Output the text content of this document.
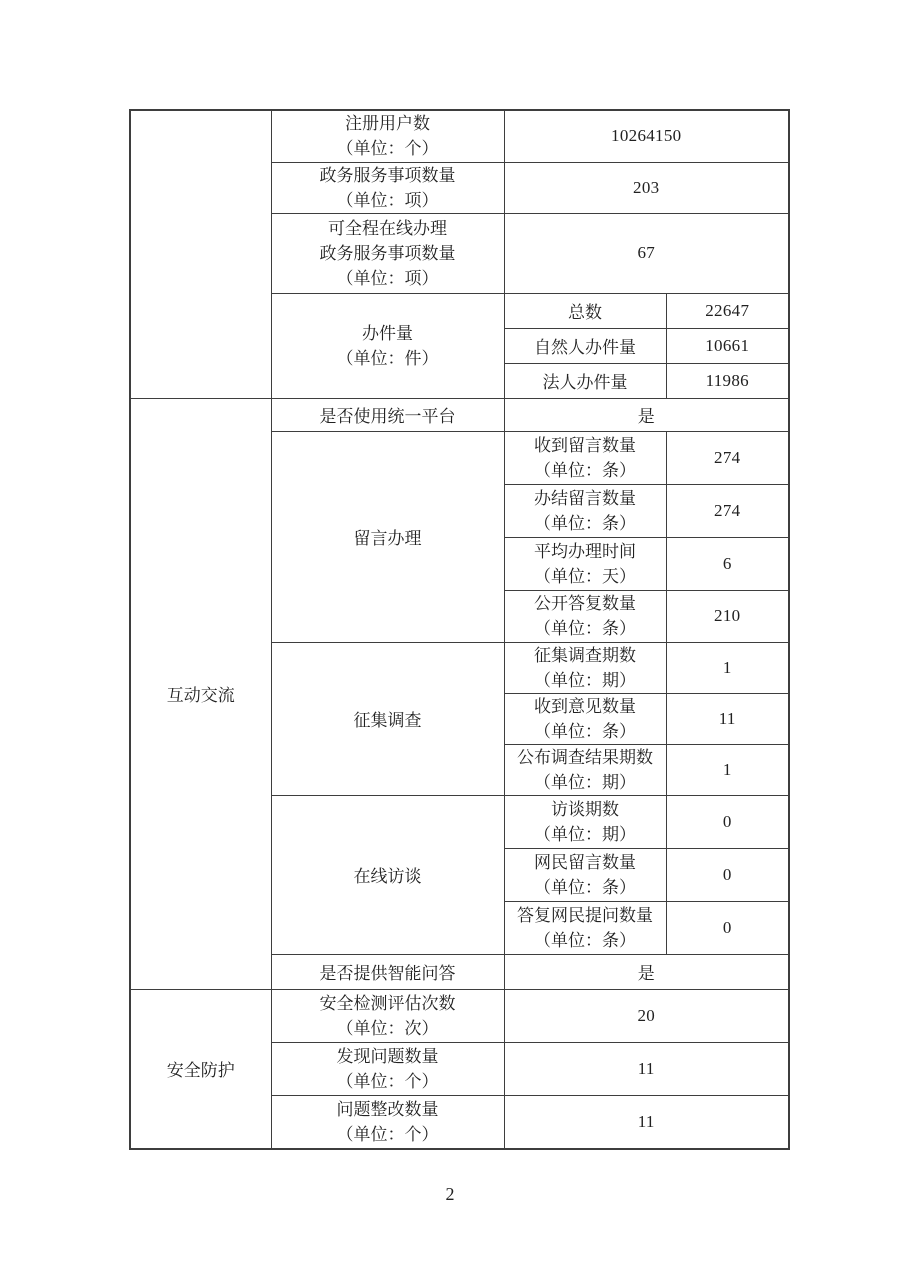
	注册用户数
（单位：个）	10264150	

	政务服务事项数量
（单位：项）	203	

	可全程在线办理
政务服务事项数量
（单位：项）	67	

	办件量
（单位：件）	总数	22647
		自然人办件量	10661
		法人办件量	11986
互动交流	是否使用统一平台	是	
	留言办理	收到留言数量
（单位：条）	274

		办结留言数量
（单位：条）	274

		平均办理时间
（单位：天）	6

		公开答复数量
（单位：条）	210
	征集调查	征集调查期数
（单位：期）	1

		收到意见数量
（单位：条）	11

		公布调查结果期数
（单位：期）	1
	在线访谈	访谈期数
（单位：期）	0

		网民留言数量
（单位：条）	0

		答复网民提问数量
（单位：条）	0
	是否提供智能问答	是	
安全防护	安全检测评估次数
（单位：次）	20	

	发现问题数量
（单位：个）	11	

	问题整改数量
（单位：个）	11	
2
